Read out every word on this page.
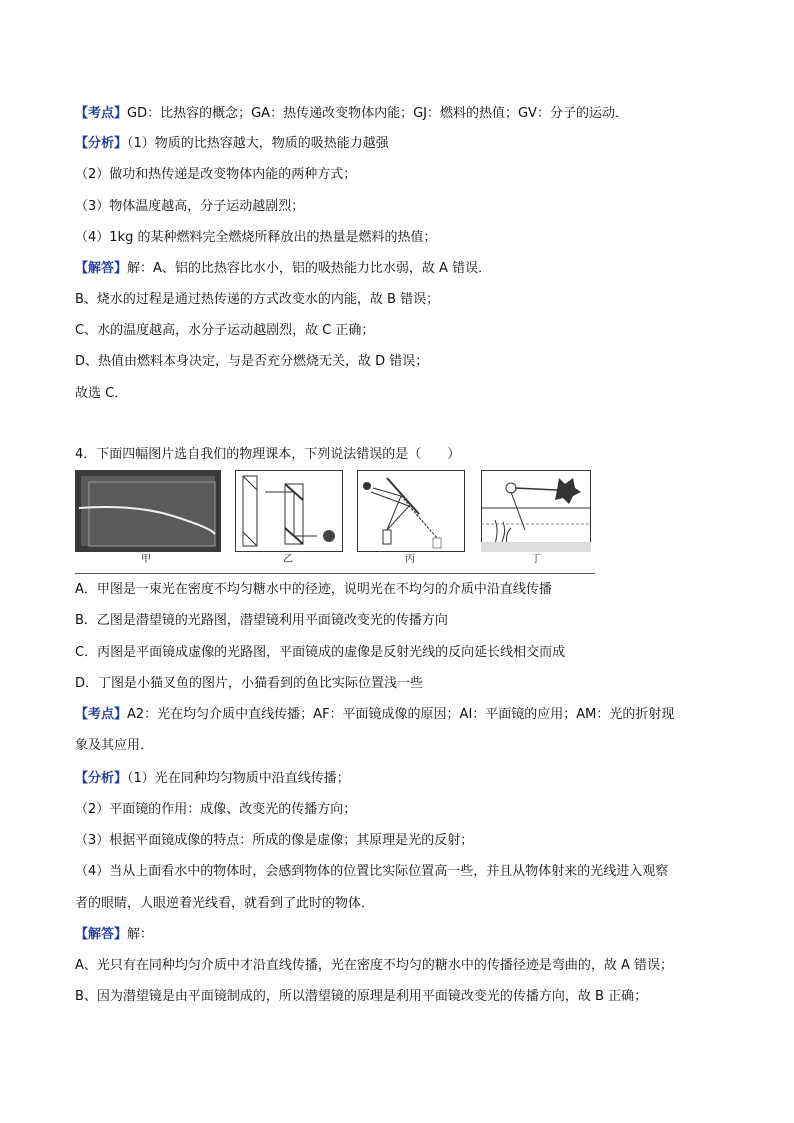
【考点】GD：比热容的概念；GA：热传递改变物体内能；GJ：燃料的热值；GV：分子的运动．
【分析】（1）物质的比热容越大，物质的吸热能力越强
（2）做功和热传递是改变物体内能的两种方式；
（3）物体温度越高，分子运动越剧烈；
（4）1kg 的某种燃料完全燃烧所释放出的热量是燃料的热值；
【解答】解：A、铝的比热容比水小，铝的吸热能力比水弱，故 A 错误．
B、烧水的过程是通过热传递的方式改变水的内能，故 B 错误；
C、水的温度越高，水分子运动越剧烈，故 C 正确；
D、热值由燃料本身决定，与是否充分燃烧无关，故 D 错误；
故选 C．
4．下面四幅图片选自我们的物理课本，下列说法错误的是（　　）
甲	乙	丙	丁
A．甲图是一束光在密度不均匀糖水中的径迹，说明光在不均匀的介质中沿直线传播
B．乙图是潜望镜的光路图，潜望镜利用平面镜改变光的传播方向
C．丙图是平面镜成虚像的光路图，平面镜成的虚像是反射光线的反向延长线相交而成
D．丁图是小猫叉鱼的图片，小猫看到的鱼比实际位置浅一些
【考点】A2：光在均匀介质中直线传播；AF：平面镜成像的原因；AI：平面镜的应用；AM：光的折射现
象及其应用．
【分析】（1）光在同种均匀物质中沿直线传播；
（2）平面镜的作用：成像、改变光的传播方向；
（3）根据平面镜成像的特点：所成的像是虚像；其原理是光的反射；
（4）当从上面看水中的物体时，会感到物体的位置比实际位置高一些，并且从物体射来的光线进入观察
者的眼睛，人眼逆着光线看，就看到了此时的物体．
【解答】解：
A、光只有在同种均匀介质中才沿直线传播，光在密度不均匀的糖水中的传播径迹是弯曲的，故 A 错误；
B、因为潜望镜是由平面镜制成的，所以潜望镜的原理是利用平面镜改变光的传播方向，故 B 正确；
